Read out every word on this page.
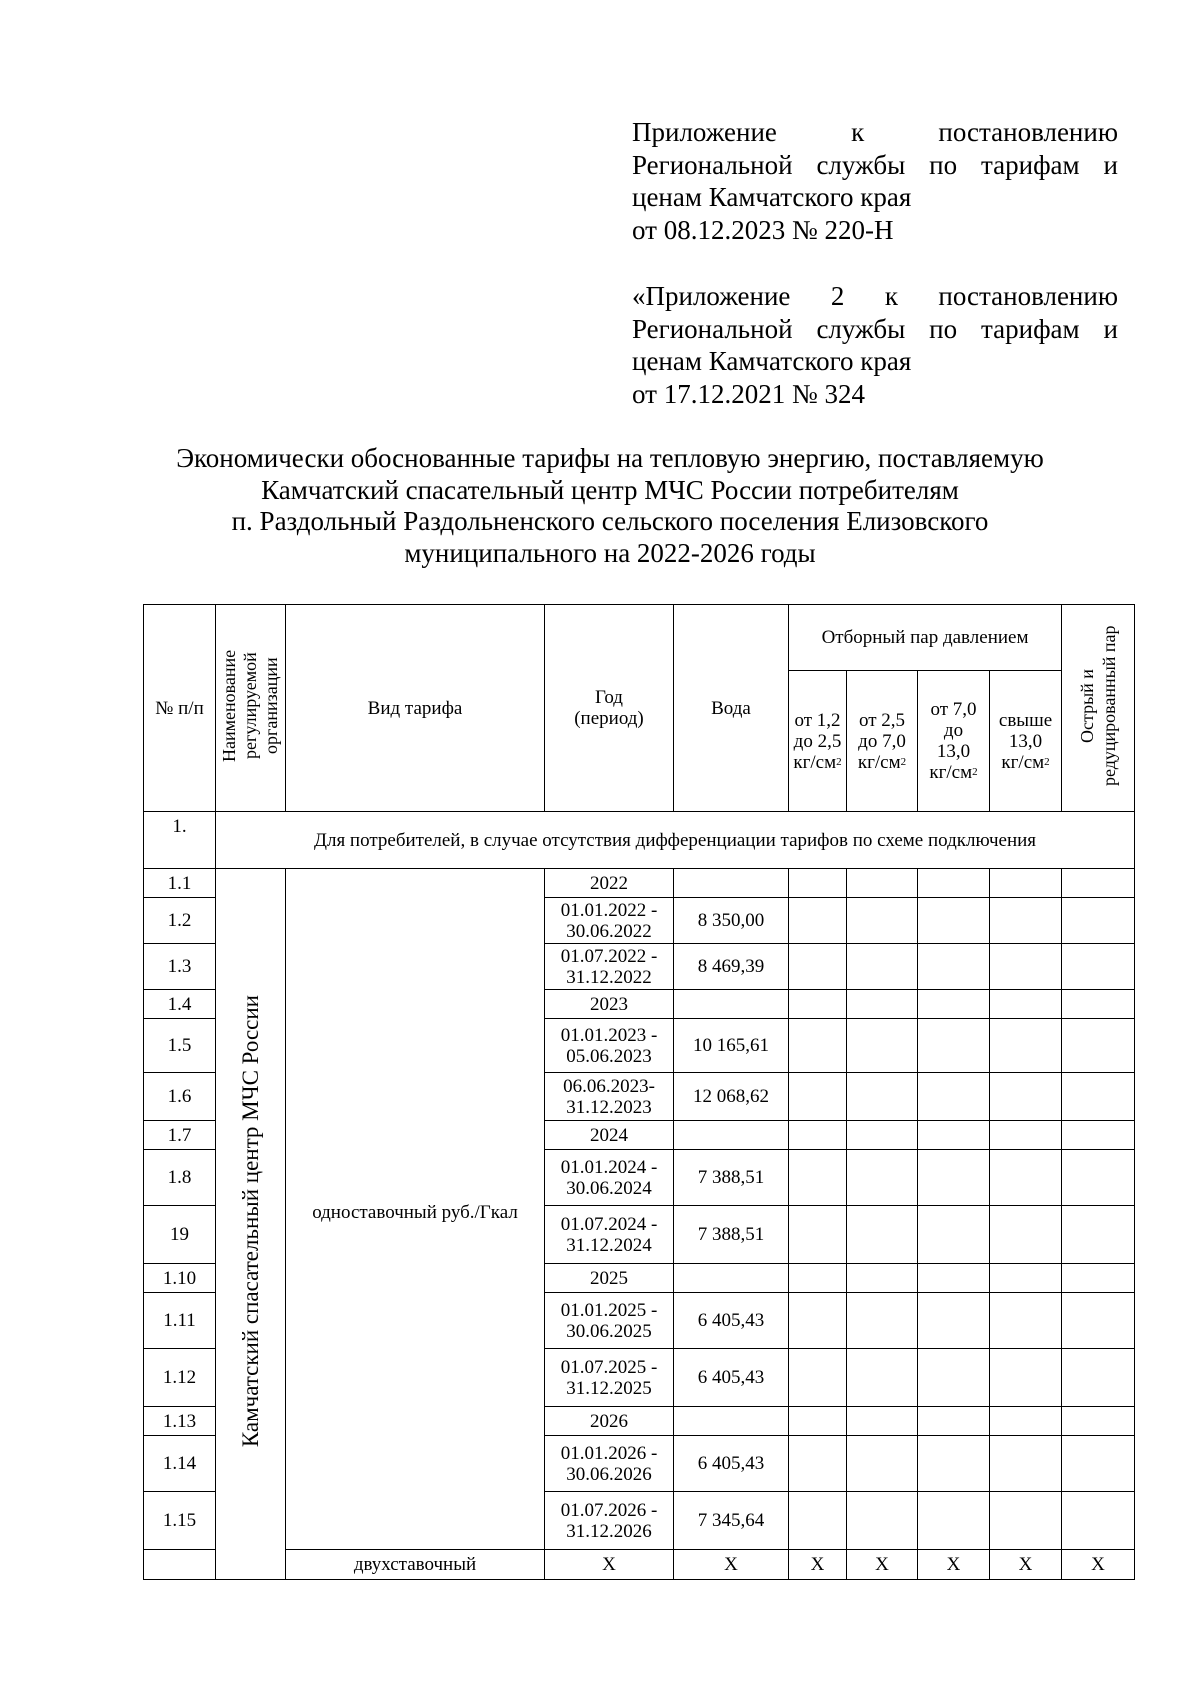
Приложение к постановлению
Региональной службы по тарифам и
ценам Камчатского края
от 08.12.2023 № 220-Н
«Приложение 2 к постановлению
Региональной службы по тарифам и
ценам Камчатского края
от 17.12.2021 № 324
Экономически обоснованные тарифы на тепловую энергию, поставляемую
Камчатский спасательный центр МЧС России потребителям
п. Раздольный Раздольненского сельского поселения Елизовского
муниципального на 2022-2026 годы
№ п/п	Наименование регулируемой организации	Вид тарифа	Год (период)	Вода	Отборный пар давлением				Острый и редуцированный пар
					от 1,2 до 2,5 $кг/см^2$	от 2,5 до 7,0 $кг/см^2$	от 7,0 до 13,0 $кг/см^2$	свыше 13,0 $кг/см^2$
1.	Для потребителей, в случае отсутствия дифференциации тарифов по схеме подключения								
1.1	Камчатский спасательный центр МЧС России	одноставочный руб./Гкал	2022						
1.2			01.01.2022 - 30.06.2022	8 350,00					
1.3			01.07.2022 - 31.12.2022	8 469,39					
1.4			2023						
1.5			01.01.2023 - 05.06.2023	10 165,61					
1.6			06.06.2023- 31.12.2023	12 068,62					
1.7			2024						
1.8			01.01.2024 - 30.06.2024	7 388,51					
19			01.07.2024 - 31.12.2024	7 388,51					
1.10			2025						
1.11			01.01.2025 - 30.06.2025	6 405,43					
1.12			01.07.2025 - 31.12.2025	6 405,43					
1.13			2026						
1.14			01.01.2026 - 30.06.2026	6 405,43					
1.15			01.07.2026 - 31.12.2026	7 345,64					
		двухставочный	Х	Х	Х	Х	Х	Х	Х
